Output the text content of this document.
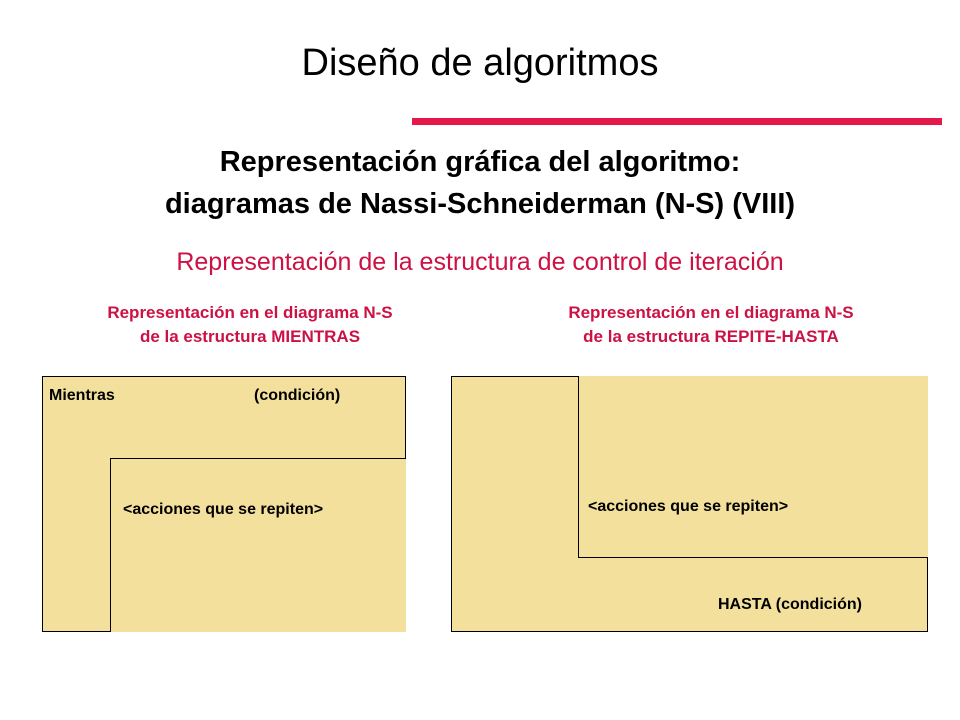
Diseño de algoritmos
Representación gráfica del algoritmo:
diagramas de Nassi-Schneiderman (N-S) (VIII)
Representación de la estructura de control de iteración
Representación en el diagrama N-S
de la estructura MIENTRAS
Representación en el diagrama N-S
de la estructura REPITE-HASTA
Mientras	(condición)
<acciones que se repiten>	<acciones que se repiten>
HASTA (condición)
